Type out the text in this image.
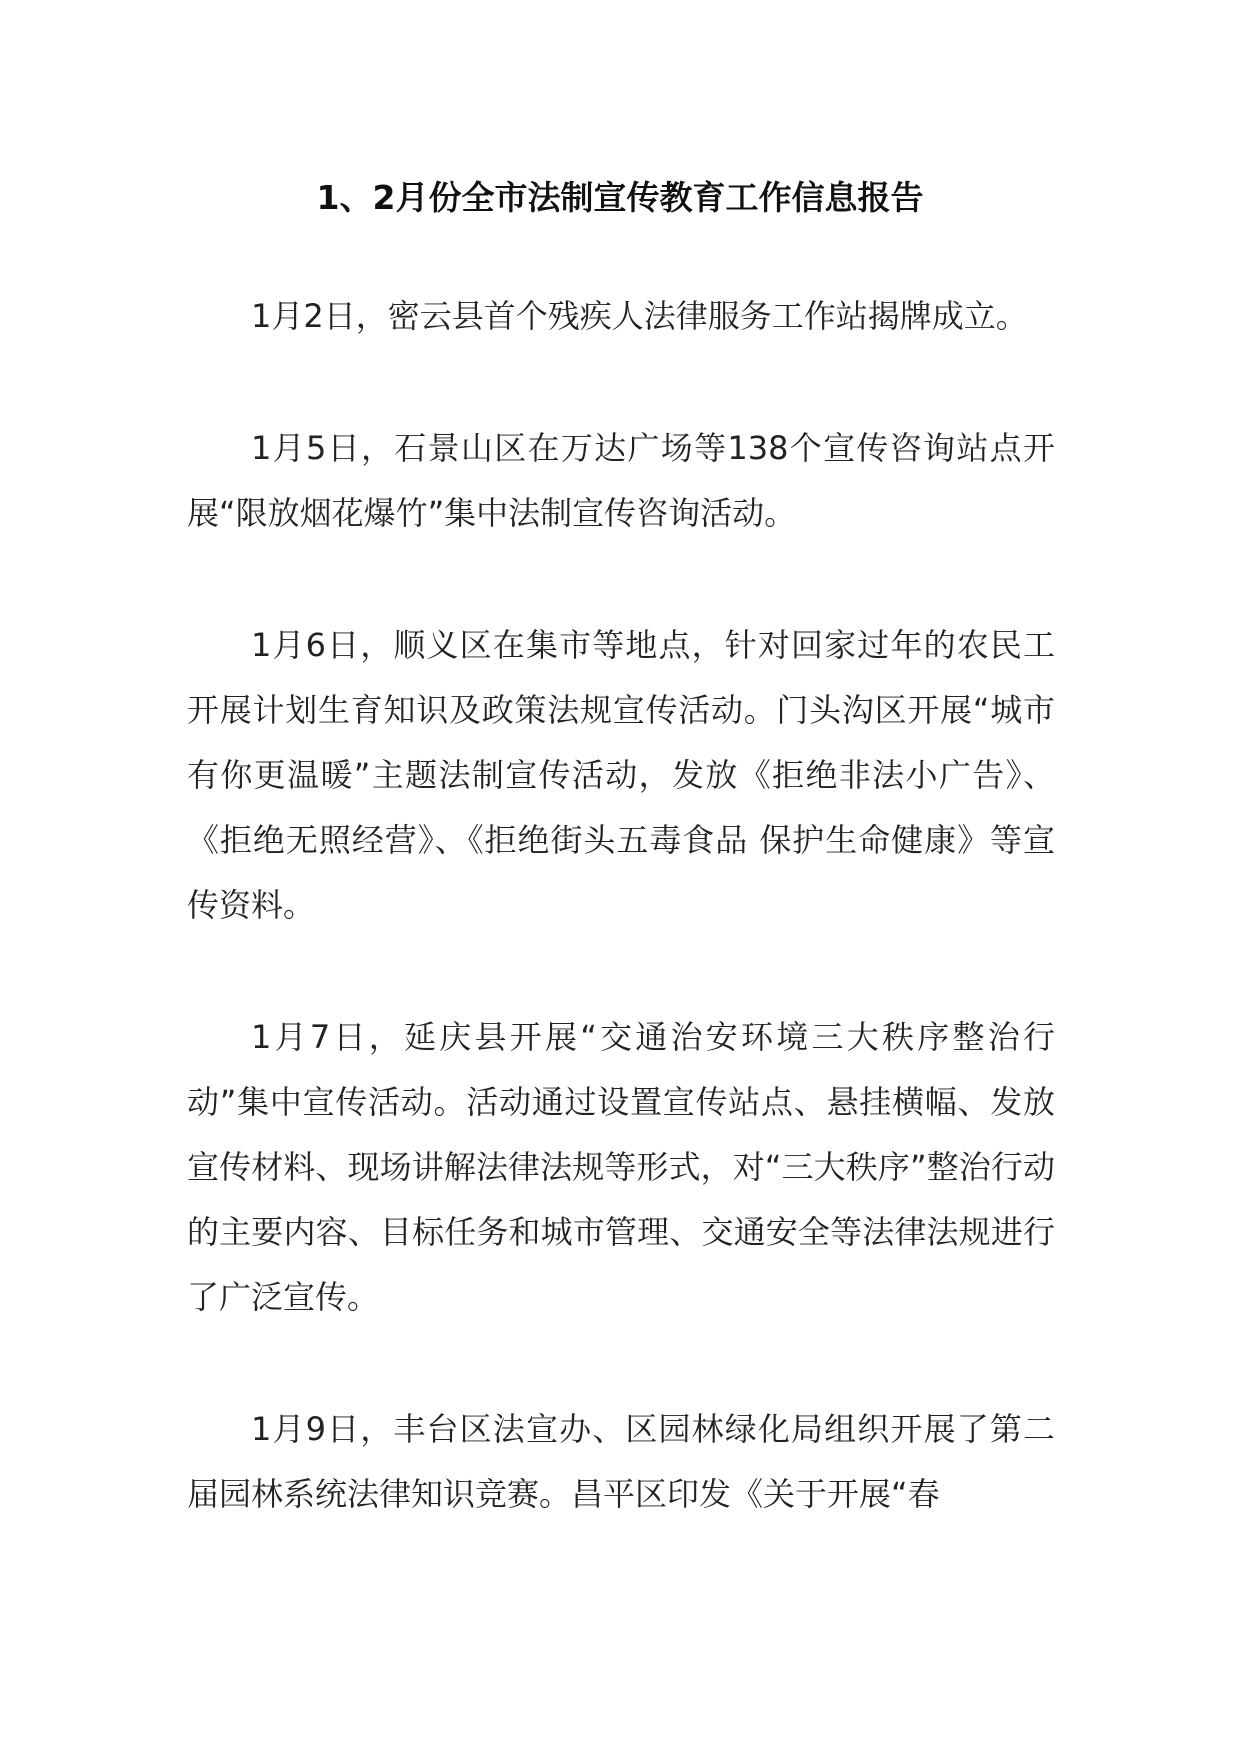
1、2月份全市法制宣传教育工作信息报告

1月2日，密云县首个残疾人法律服务工作站揭牌成立。

1月5日，石景山区在万达广场等138个宣传咨询站点开展“限放烟花爆竹”集中法制宣传咨询活动。

1月6日，顺义区在集市等地点，针对回家过年的农民工开展计划生育知识及政策法规宣传活动。门头沟区开展“城市有你更温暖”主题法制宣传活动，发放《拒绝非法小广告》、《拒绝无照经营》、《拒绝街头五毒食品 保护生命健康》等宣传资料。

1月7日，延庆县开展“交通治安环境三大秩序整治行动”集中宣传活动。活动通过设置宣传站点、悬挂横幅、发放宣传材料、现场讲解法律法规等形式，对“三大秩序”整治行动的主要内容、目标任务和城市管理、交通安全等法律法规进行了广泛宣传。

1月9日，丰台区法宣办、区园林绿化局组织开展了第二届园林系统法律知识竞赛。昌平区印发《关于开展“春
